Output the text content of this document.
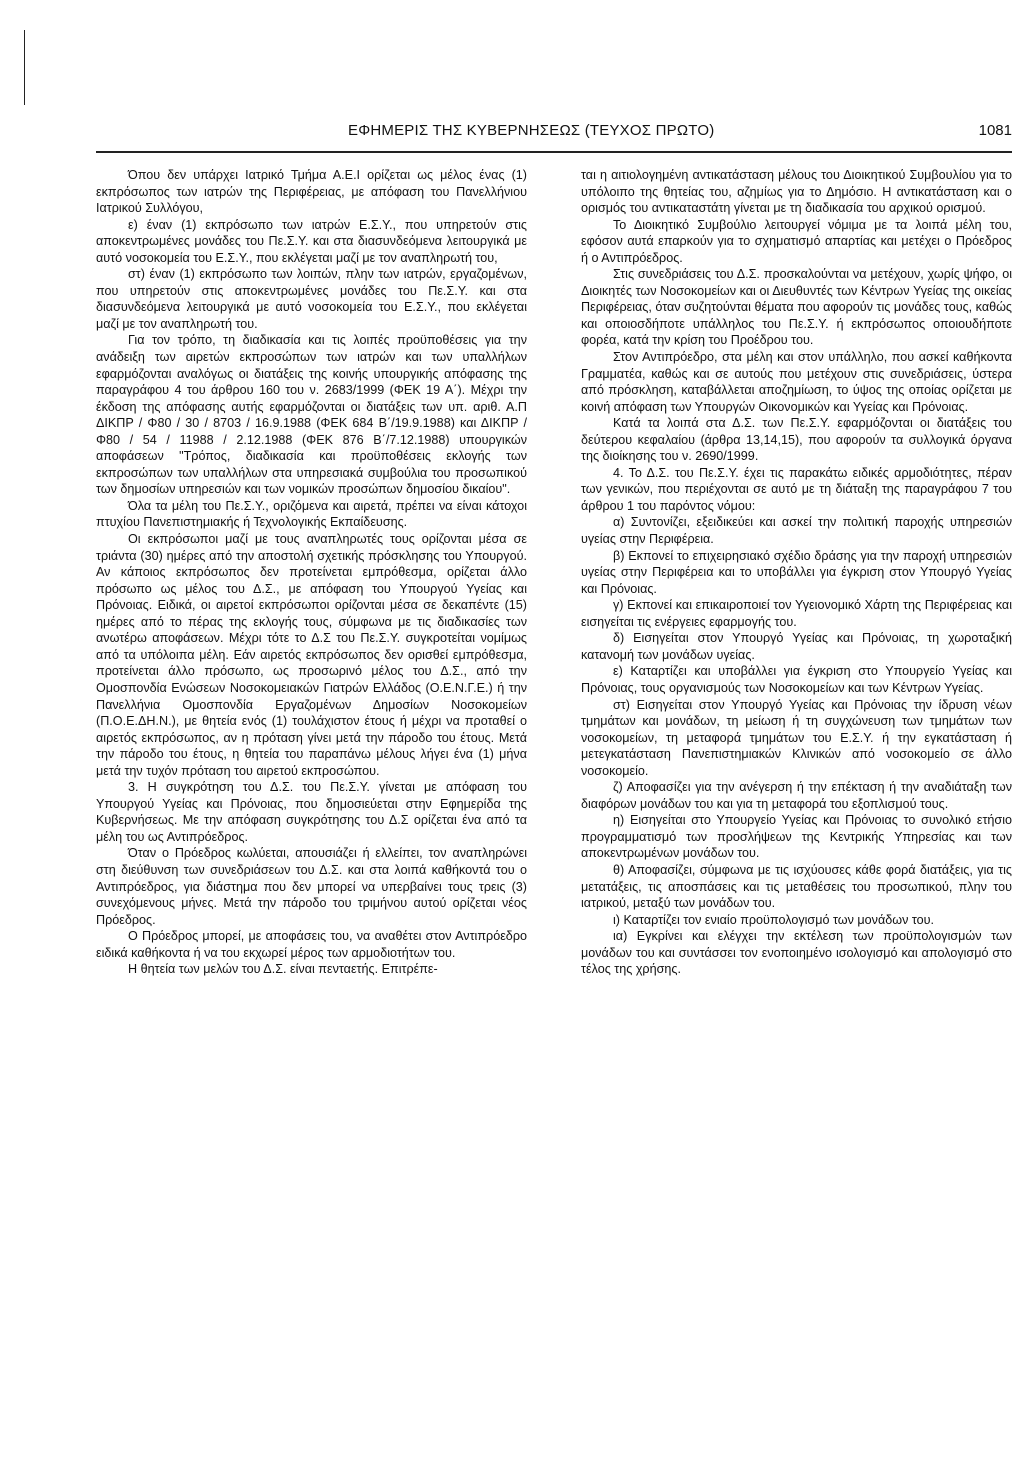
ΕΦΗΜΕΡΙΣ ΤΗΣ ΚΥΒΕΡΝΗΣΕΩΣ (ΤΕΥΧΟΣ ΠΡΩΤΟ)	1081

Όπου δεν υπάρχει Ιατρικό Τμήμα Α.Ε.Ι ορίζεται ως μέλος ένας (1) εκπρόσωπος των ιατρών της Περιφέρειας, με απόφαση του Πανελλήνιου Ιατρικού Συλλόγου,

ε) έναν (1) εκπρόσωπο των ιατρών Ε.Σ.Υ., που υπηρετούν στις αποκεντρωμένες μονάδες του Πε.Σ.Υ. και στα διασυνδεόμενα λειτουργικά με αυτό νοσοκομεία του Ε.Σ.Υ., που εκλέγεται μαζί με τον αναπληρωτή του,

στ) έναν (1) εκπρόσωπο των λοιπών, πλην των ιατρών, εργαζομένων, που υπηρετούν στις αποκεντρωμένες μονάδες του Πε.Σ.Υ. και στα διασυνδεόμενα λειτουργικά με αυτό νοσοκομεία του Ε.Σ.Υ., που εκλέγεται μαζί με τον αναπληρωτή του.

Για τον τρόπο, τη διαδικασία και τις λοιπές προϋποθέσεις για την ανάδειξη των αιρετών εκπροσώπων των ιατρών και των υπαλλήλων εφαρμόζονται αναλόγως οι διατάξεις της κοινής υπουργικής απόφασης της παραγράφου 4 του άρθρου 160 του ν. 2683/1999 (ΦΕΚ 19 Α΄). Μέχρι την έκδοση της απόφασης αυτής εφαρμόζονται οι διατάξεις των υπ. αριθ. Α.Π ΔΙΚΠΡ / Φ80 / 30 / 8703 / 16.9.1988 (ΦΕΚ 684 Β΄/19.9.1988) και ΔΙΚΠΡ / Φ80 / 54 / 11988 / 2.12.1988 (ΦΕΚ 876 Β΄/7.12.1988) υπουργικών αποφάσεων "Τρόπος, διαδικασία και προϋποθέσεις εκλογής των εκπροσώπων των υπαλλήλων στα υπηρεσιακά συμβούλια του προσωπικού των δημοσίων υπηρεσιών και των νομικών προσώπων δημοσίου δικαίου".

Όλα τα μέλη του Πε.Σ.Υ., οριζόμενα και αιρετά, πρέπει να είναι κάτοχοι πτυχίου Πανεπιστημιακής ή Τεχνολογικής Εκπαίδευσης.

Οι εκπρόσωποι μαζί με τους αναπληρωτές τους ορίζονται μέσα σε τριάντα (30) ημέρες από την αποστολή σχετικής πρόσκλησης του Υπουργού. Αν κάποιος εκπρόσωπος δεν προτείνεται εμπρόθεσμα, ορίζεται άλλο πρόσωπο ως μέλος του Δ.Σ., με απόφαση του Υπουργού Υγείας και Πρόνοιας. Ειδικά, οι αιρετοί εκπρόσωποι ορίζονται μέσα σε δεκαπέντε (15) ημέρες από το πέρας της εκλογής τους, σύμφωνα με τις διαδικασίες των ανωτέρω αποφάσεων. Μέχρι τότε το Δ.Σ του Πε.Σ.Υ. συγκροτείται νομίμως από τα υπόλοιπα μέλη. Εάν αιρετός εκπρόσωπος δεν ορισθεί εμπρόθεσμα, προτείνεται άλλο πρόσωπο, ως προσωρινό μέλος του Δ.Σ., από την Ομοσπονδία Ενώσεων Νοσοκομειακών Γιατρών Ελλάδος (Ο.Ε.Ν.Γ.Ε.) ή την Πανελλήνια Ομοσπονδία Εργαζομένων Δημοσίων Νοσοκομείων (Π.Ο.Ε.ΔΗ.Ν.), με θητεία ενός (1) τουλάχιστον έτους ή μέχρι να προταθεί ο αιρετός εκπρόσωπος, αν η πρόταση γίνει μετά την πάροδο του έτους. Μετά την πάροδο του έτους, η θητεία του παραπάνω μέλους λήγει ένα (1) μήνα μετά την τυχόν πρόταση του αιρετού εκπροσώπου.

3. Η συγκρότηση του Δ.Σ. του Πε.Σ.Υ. γίνεται με απόφαση του Υπουργού Υγείας και Πρόνοιας, που δημοσιεύεται στην Εφημερίδα της Κυβερνήσεως. Με την απόφαση συγκρότησης του Δ.Σ ορίζεται ένα από τα μέλη του ως Αντιπρόεδρος.

Όταν ο Πρόεδρος κωλύεται, απουσιάζει ή ελλείπει, τον αναπληρώνει στη διεύθυνση των συνεδριάσεων του Δ.Σ. και στα λοιπά καθήκοντά του ο Αντιπρόεδρος, για διάστημα που δεν μπορεί να υπερβαίνει τους τρεις (3) συνεχόμενους μήνες. Μετά την πάροδο του τριμήνου αυτού ορίζεται νέος Πρόεδρος.

Ο Πρόεδρος μπορεί, με αποφάσεις του, να αναθέτει στον Αντιπρόεδρο ειδικά καθήκοντα ή να του εκχωρεί μέρος των αρμοδιοτήτων του.

Η θητεία των μελών του Δ.Σ. είναι πενταετής. Επιτρέπε-

ται η αιτιολογημένη αντικατάσταση μέλους του Διοικητικού Συμβουλίου για το υπόλοιπο της θητείας του, αζημίως για το Δημόσιο. Η αντικατάσταση και ο ορισμός του αντικαταστάτη γίνεται με τη διαδικασία του αρχικού ορισμού.

Το Διοικητικό Συμβούλιο λειτουργεί νόμιμα με τα λοιπά μέλη του, εφόσον αυτά επαρκούν για το σχηματισμό απαρτίας και μετέχει ο Πρόεδρος ή ο Αντιπρόεδρος.

Στις συνεδριάσεις του Δ.Σ. προσκαλούνται να μετέχουν, χωρίς ψήφο, οι Διοικητές των Νοσοκομείων και οι Διευθυντές των Κέντρων Υγείας της οικείας Περιφέρειας, όταν συζητούνται θέματα που αφορούν τις μονάδες τους, καθώς και οποιοσδήποτε υπάλληλος του Πε.Σ.Υ. ή εκπρόσωπος οποιουδήποτε φορέα, κατά την κρίση του Προέδρου του.

Στον Αντιπρόεδρο, στα μέλη και στον υπάλληλο, που ασκεί καθήκοντα Γραμματέα, καθώς και σε αυτούς που μετέχουν στις συνεδριάσεις, ύστερα από πρόσκληση, καταβάλλεται αποζημίωση, το ύψος της οποίας ορίζεται με κοινή απόφαση των Υπουργών Οικονομικών και Υγείας και Πρόνοιας.

Κατά τα λοιπά στα Δ.Σ. των Πε.Σ.Υ. εφαρμόζονται οι διατάξεις του δεύτερου κεφαλαίου (άρθρα 13,14,15), που αφορούν τα συλλογικά όργανα της διοίκησης του ν. 2690/1999.

4. Το Δ.Σ. του Πε.Σ.Υ. έχει τις παρακάτω ειδικές αρμοδιότητες, πέραν των γενικών, που περιέχονται σε αυτό με τη διάταξη της παραγράφου 7 του άρθρου 1 του παρόντος νόμου:

α) Συντονίζει, εξειδικεύει και ασκεί την πολιτική παροχής υπηρεσιών υγείας στην Περιφέρεια.

β) Εκπονεί το επιχειρησιακό σχέδιο δράσης για την παροχή υπηρεσιών υγείας στην Περιφέρεια και το υποβάλλει για έγκριση στον Υπουργό Υγείας και Πρόνοιας.

γ) Εκπονεί και επικαιροποιεί τον Υγειονομικό Χάρτη της Περιφέρειας και εισηγείται τις ενέργειες εφαρμογής του.

δ) Εισηγείται στον Υπουργό Υγείας και Πρόνοιας, τη χωροταξική κατανομή των μονάδων υγείας.

ε) Καταρτίζει και υποβάλλει για έγκριση στο Υπουργείο Υγείας και Πρόνοιας, τους οργανισμούς των Νοσοκομείων και των Κέντρων Υγείας.

στ) Εισηγείται στον Υπουργό Υγείας και Πρόνοιας την ίδρυση νέων τμημάτων και μονάδων, τη μείωση ή τη συγχώνευση των τμημάτων των νοσοκομείων, τη μεταφορά τμημάτων του Ε.Σ.Υ. ή την εγκατάσταση ή μετεγκατάσταση Πανεπιστημιακών Κλινικών από νοσοκομείο σε άλλο νοσοκομείο.

ζ) Αποφασίζει για την ανέγερση ή την επέκταση ή την αναδιάταξη των διαφόρων μονάδων του και για τη μεταφορά του εξοπλισμού τους.

η) Εισηγείται στο Υπουργείο Υγείας και Πρόνοιας το συνολικό ετήσιο προγραμματισμό των προσλήψεων της Κεντρικής Υπηρεσίας και των αποκεντρωμένων μονάδων του.

θ) Αποφασίζει, σύμφωνα με τις ισχύουσες κάθε φορά διατάξεις, για τις μετατάξεις, τις αποσπάσεις και τις μεταθέσεις του προσωπικού, πλην του ιατρικού, μεταξύ των μονάδων του.

ι) Καταρτίζει τον ενιαίο προϋπολογισμό των μονάδων του.

ια) Εγκρίνει και ελέγχει την εκτέλεση των προϋπολογισμών των μονάδων του και συντάσσει τον ενοποιημένο ισολογισμό και απολογισμό στο τέλος της χρήσης.
